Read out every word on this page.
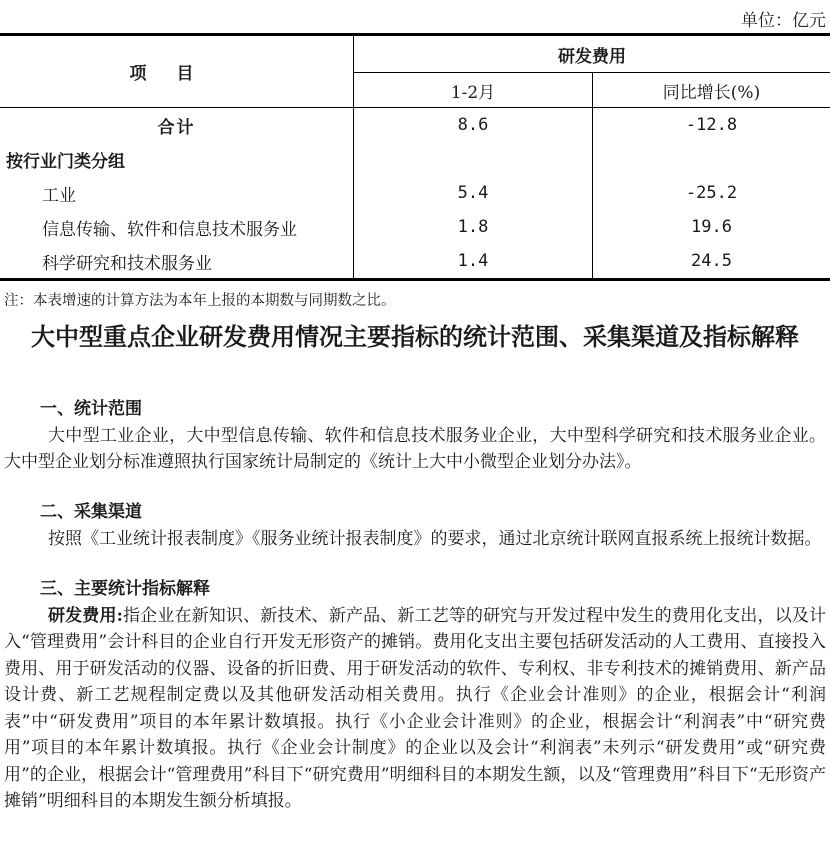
单位：亿元
项目	研发费用	
	1-2月	同比增长(%)
合计	8.6	-12.8
按行业门类分组		
工业	5.4	-25.2
信息传输、软件和信息技术服务业	1.8	19.6
科学研究和技术服务业	1.4	24.5
注：本表增速的计算方法为本年上报的本期数与同期数之比。
大中型重点企业研发费用情况主要指标的统计范围、采集渠道及指标解释
一、统计范围
大中型工业企业，大中型信息传输、软件和信息技术服务业企业，大中型科学研究和技术服务业企业。大中型企业划分标准遵照执行国家统计局制定的《统计上大中小微型企业划分办法》。
二、采集渠道
按照《工业统计报表制度》《服务业统计报表制度》的要求，通过北京统计联网直报系统上报统计数据。
三、主要统计指标解释
研发费用:指企业在新知识、新技术、新产品、新工艺等的研究与开发过程中发生的费用化支出，以及计入“管理费用”会计科目的企业自行开发无形资产的摊销。费用化支出主要包括研发活动的人工费用、直接投入费用、用于研发活动的仪器、设备的折旧费、用于研发活动的软件、专利权、非专利技术的摊销费用、新产品设计费、新工艺规程制定费以及其他研发活动相关费用。执行《企业会计准则》的企业，根据会计“利润表”中“研发费用”项目的本年累计数填报。执行《小企业会计准则》的企业，根据会计“利润表”中“研究费用”项目的本年累计数填报。执行《企业会计制度》的企业以及会计“利润表”未列示“研发费用”或“研究费用”的企业，根据会计“管理费用”科目下“研究费用”明细科目的本期发生额，以及“管理费用”科目下“无形资产摊销”明细科目的本期发生额分析填报。
